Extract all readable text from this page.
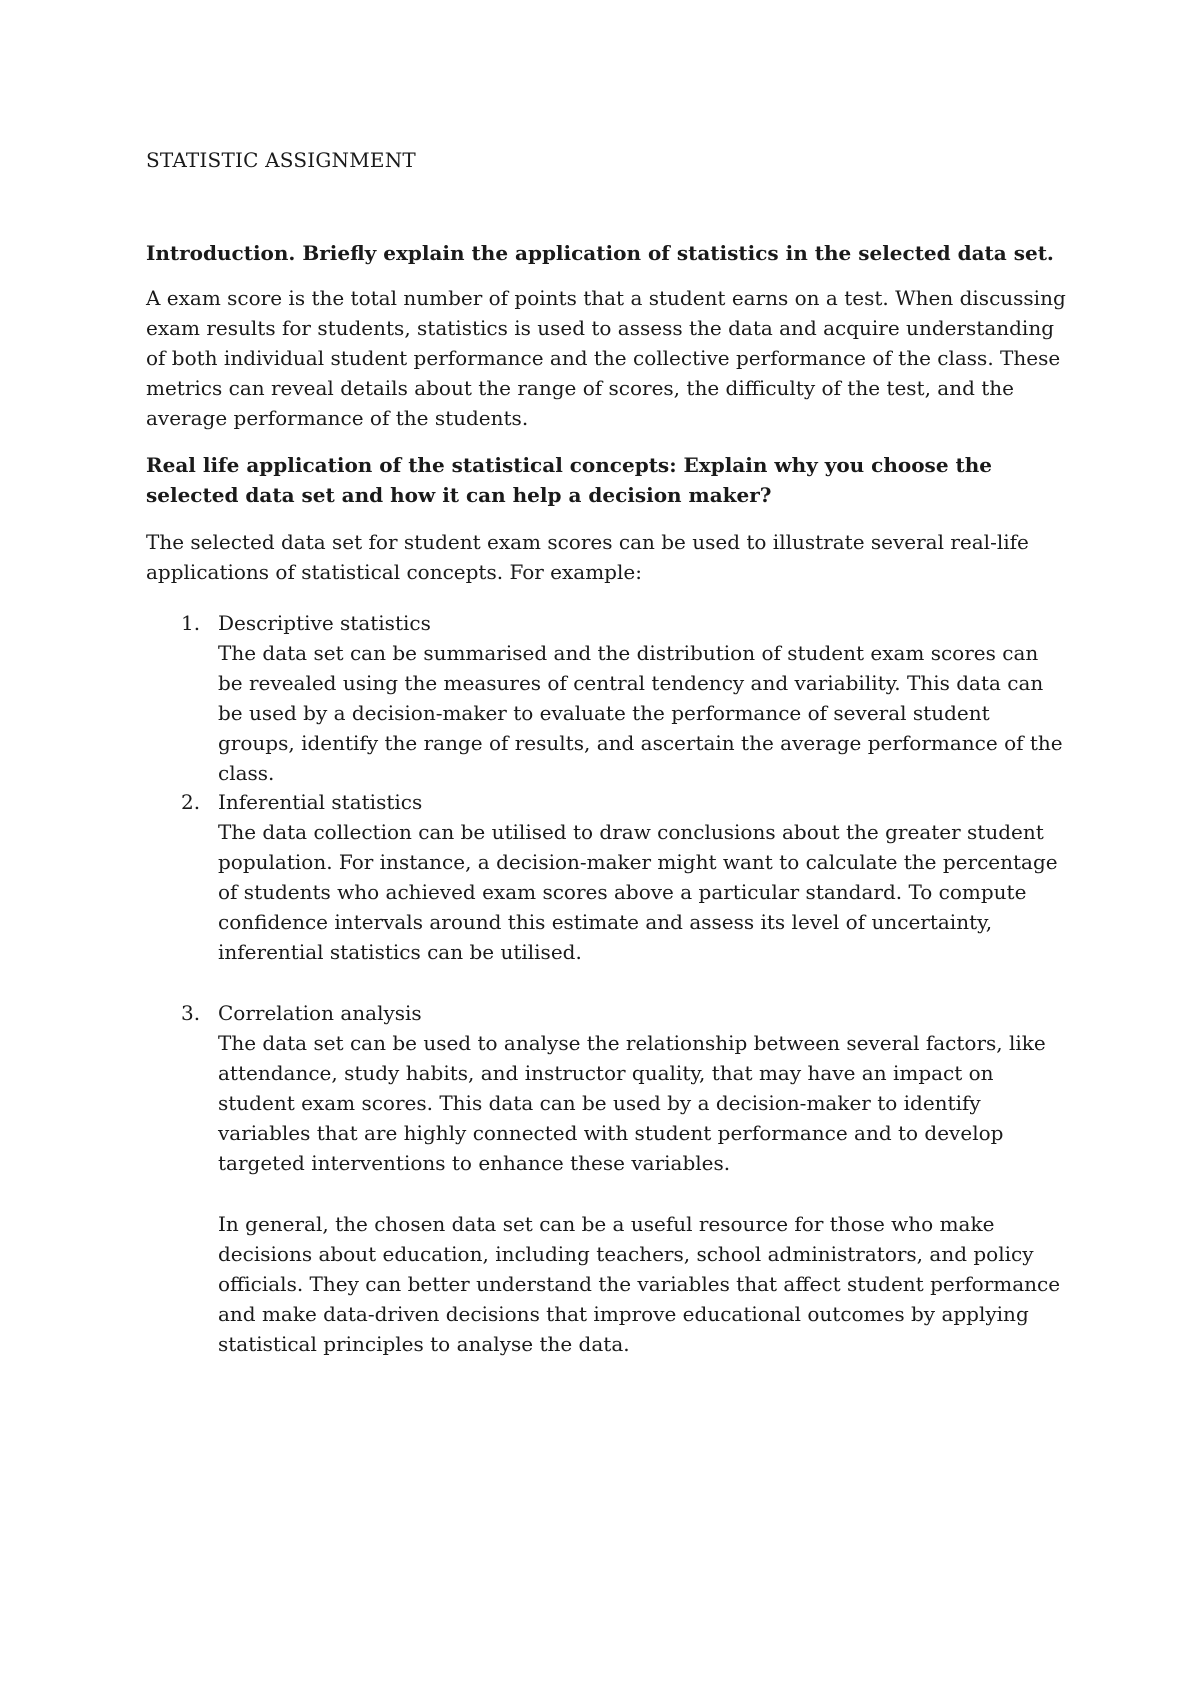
STATISTIC ASSIGNMENT

Introduction. Briefly explain the application of statistics in the selected data set.

A exam score is the total number of points that a student earns on a test. When discussing exam results for students, statistics is used to assess the data and acquire understanding of both individual student performance and the collective performance of the class. These metrics can reveal details about the range of scores, the difficulty of the test, and the average performance of the students.

Real life application of the statistical concepts: Explain why you choose the selected data set and how it can help a decision maker?

The selected data set for student exam scores can be used to illustrate several real-life applications of statistical concepts. For example:

1. Descriptive statistics

The data set can be summarised and the distribution of student exam scores can be revealed using the measures of central tendency and variability. This data can be used by a decision-maker to evaluate the performance of several student groups, identify the range of results, and ascertain the average performance of the class.

2. Inferential statistics

The data collection can be utilised to draw conclusions about the greater student population. For instance, a decision-maker might want to calculate the percentage of students who achieved exam scores above a particular standard. To compute confidence intervals around this estimate and assess its level of uncertainty, inferential statistics can be utilised.

3. Correlation analysis

The data set can be used to analyse the relationship between several factors, like attendance, study habits, and instructor quality, that may have an impact on student exam scores. This data can be used by a decision-maker to identify variables that are highly connected with student performance and to develop targeted interventions to enhance these variables.

In general, the chosen data set can be a useful resource for those who make decisions about education, including teachers, school administrators, and policy officials. They can better understand the variables that affect student performance and make data-driven decisions that improve educational outcomes by applying statistical principles to analyse the data.
